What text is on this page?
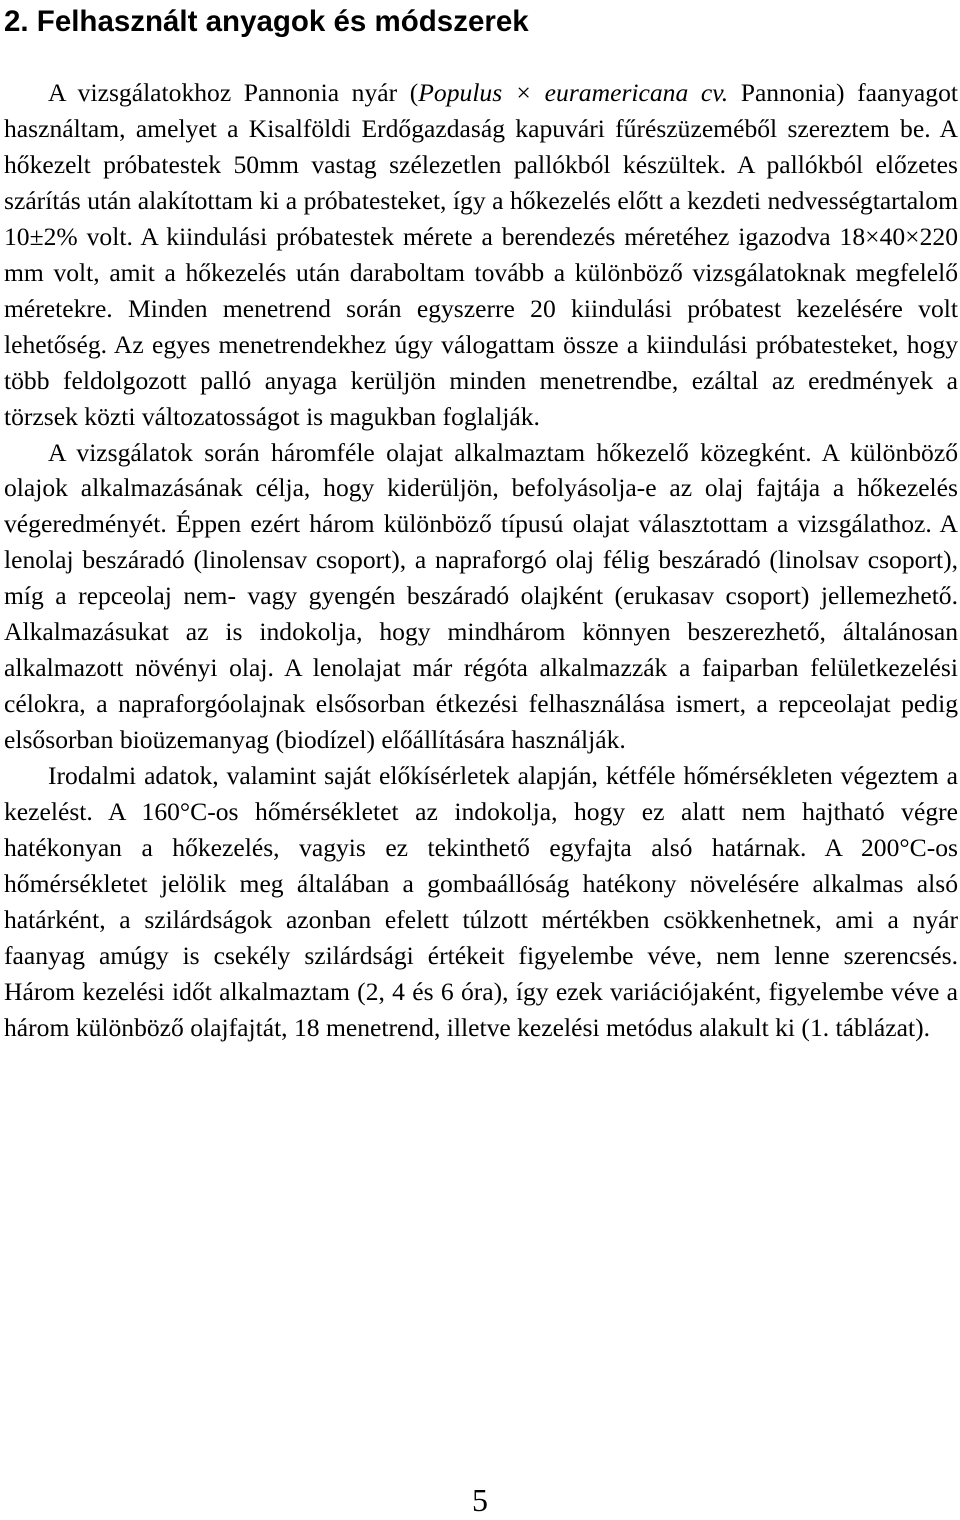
2. Felhasznált anyagok és módszerek

A vizsgálatokhoz Pannonia nyár (Populus × euramericana cv. Pannonia) faanyagot használtam, amelyet a Kisalföldi Erdőgazdaság kapuvári fűrészüzeméből szereztem be. A hőkezelt próbatestek 50mm vastag szélezetlen pallókból készültek. A pallókból előzetes szárítás után alakítottam ki a próbatesteket, így a hőkezelés előtt a kezdeti nedvességtartalom 10±2% volt. A kiindulási próbatestek mérete a berendezés méretéhez igazodva 18×40×220 mm volt, amit a hőkezelés után daraboltam tovább a különböző vizsgálatoknak megfelelő méretekre. Minden menetrend során egyszerre 20 kiindulási próbatest kezelésére volt lehetőség. Az egyes menetrendekhez úgy válogattam össze a kiindulási próbatesteket, hogy több feldolgozott palló anyaga kerüljön minden menetrendbe, ezáltal az eredmények a törzsek közti változatosságot is magukban foglalják.

A vizsgálatok során háromféle olajat alkalmaztam hőkezelő közegként. A különböző olajok alkalmazásának célja, hogy kiderüljön, befolyásolja-e az olaj fajtája a hőkezelés végeredményét. Éppen ezért három különböző típusú olajat választottam a vizsgálathoz. A lenolaj beszáradó (linolensav csoport), a napraforgó olaj félig beszáradó (linolsav csoport), míg a repceolaj nem- vagy gyengén beszáradó olajként (erukasav csoport) jellemezhető. Alkalmazásukat az is indokolja, hogy mindhárom könnyen beszerezhető, általánosan alkalmazott növényi olaj. A lenolajat már régóta alkalmazzák a faiparban felületkezelési célokra, a napraforgóolajnak elsősorban étkezési felhasználása ismert, a repceolajat pedig elsősorban bioüzemanyag (biodízel) előállítására használják.

Irodalmi adatok, valamint saját előkísérletek alapján, kétféle hőmérsékleten végeztem a kezelést. A 160°C-os hőmérsékletet az indokolja, hogy ez alatt nem hajtható végre hatékonyan a hőkezelés, vagyis ez tekinthető egyfajta alsó határnak. A 200°C-os hőmérsékletet jelölik meg általában a gombaállóság hatékony növelésére alkalmas alsó határként, a szilárdságok azonban efelett túlzott mértékben csökkenhetnek, ami a nyár faanyag amúgy is csekély szilárdsági értékeit figyelembe véve, nem lenne szerencsés. Három kezelési időt alkalmaztam (2, 4 és 6 óra), így ezek variációjaként, figyelembe véve a három különböző olajfajtát, 18 menetrend, illetve kezelési metódus alakult ki (1. táblázat).

5
